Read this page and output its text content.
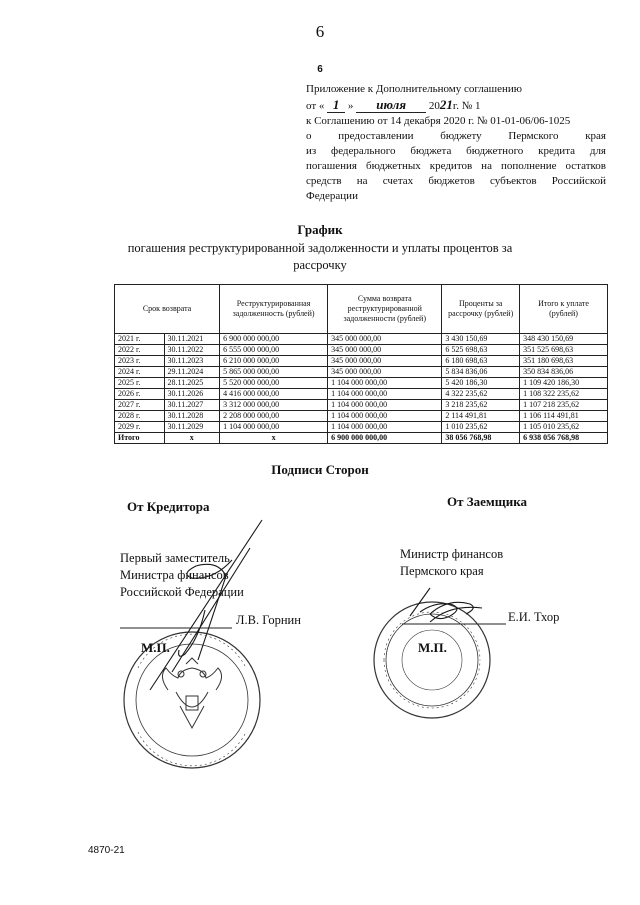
6
6
Приложение к Дополнительному соглашению
от « 1 » июля 2021г. № 1
к Соглашению от 14 декабря 2020 г. № 01-01-06/06-1025
о предоставлении бюджету Пермского края
из федерального бюджета бюджетного кредита для
погашения бюджетных кредитов на пополнение остатков
средств на счетах бюджетов субъектов Российской
Федерации
График
погашения реструктурированной задолженности и уплаты процентов за рассрочку
Срок возврата		Реструктурированная задолженность (рублей)	Сумма возврата реструктурированной задолженности (рублей)	Проценты за рассрочку (рублей)	Итого к уплате (рублей)
2021 г.	30.11.2021	6 900 000 000,00	345 000 000,00	3 430 150,69	348 430 150,69
2022 г.	30.11.2022	6 555 000 000,00	345 000 000,00	6 525 698,63	351 525 698,63
2023 г.	30.11.2023	6 210 000 000,00	345 000 000,00	6 180 698,63	351 180 698,63
2024 г.	29.11.2024	5 865 000 000,00	345 000 000,00	5 834 836,06	350 834 836,06
2025 г.	28.11.2025	5 520 000 000,00	1 104 000 000,00	5 420 186,30	1 109 420 186,30
2026 г.	30.11.2026	4 416 000 000,00	1 104 000 000,00	4 322 235,62	1 108 322 235,62
2027 г.	30.11.2027	3 312 000 000,00	1 104 000 000,00	3 218 235,62	1 107 218 235,62
2028 г.	30.11.2028	2 208 000 000,00	1 104 000 000,00	2 114 491,81	1 106 114 491,81
2029 г.	30.11.2029	1 104 000 000,00	1 104 000 000,00	1 010 235,62	1 105 010 235,62
Итого	x	x	6 900 000 000,00	38 056 768,98	6 938 056 768,98
Подписи Сторон
От Кредитора	От Заемщика
Первый заместитель
Министра финансов
Российской Федерации
Л.В. Горнин
Министр финансов
Пермского края
Е.И. Тхор
М.П.	М.П.
4870-21
